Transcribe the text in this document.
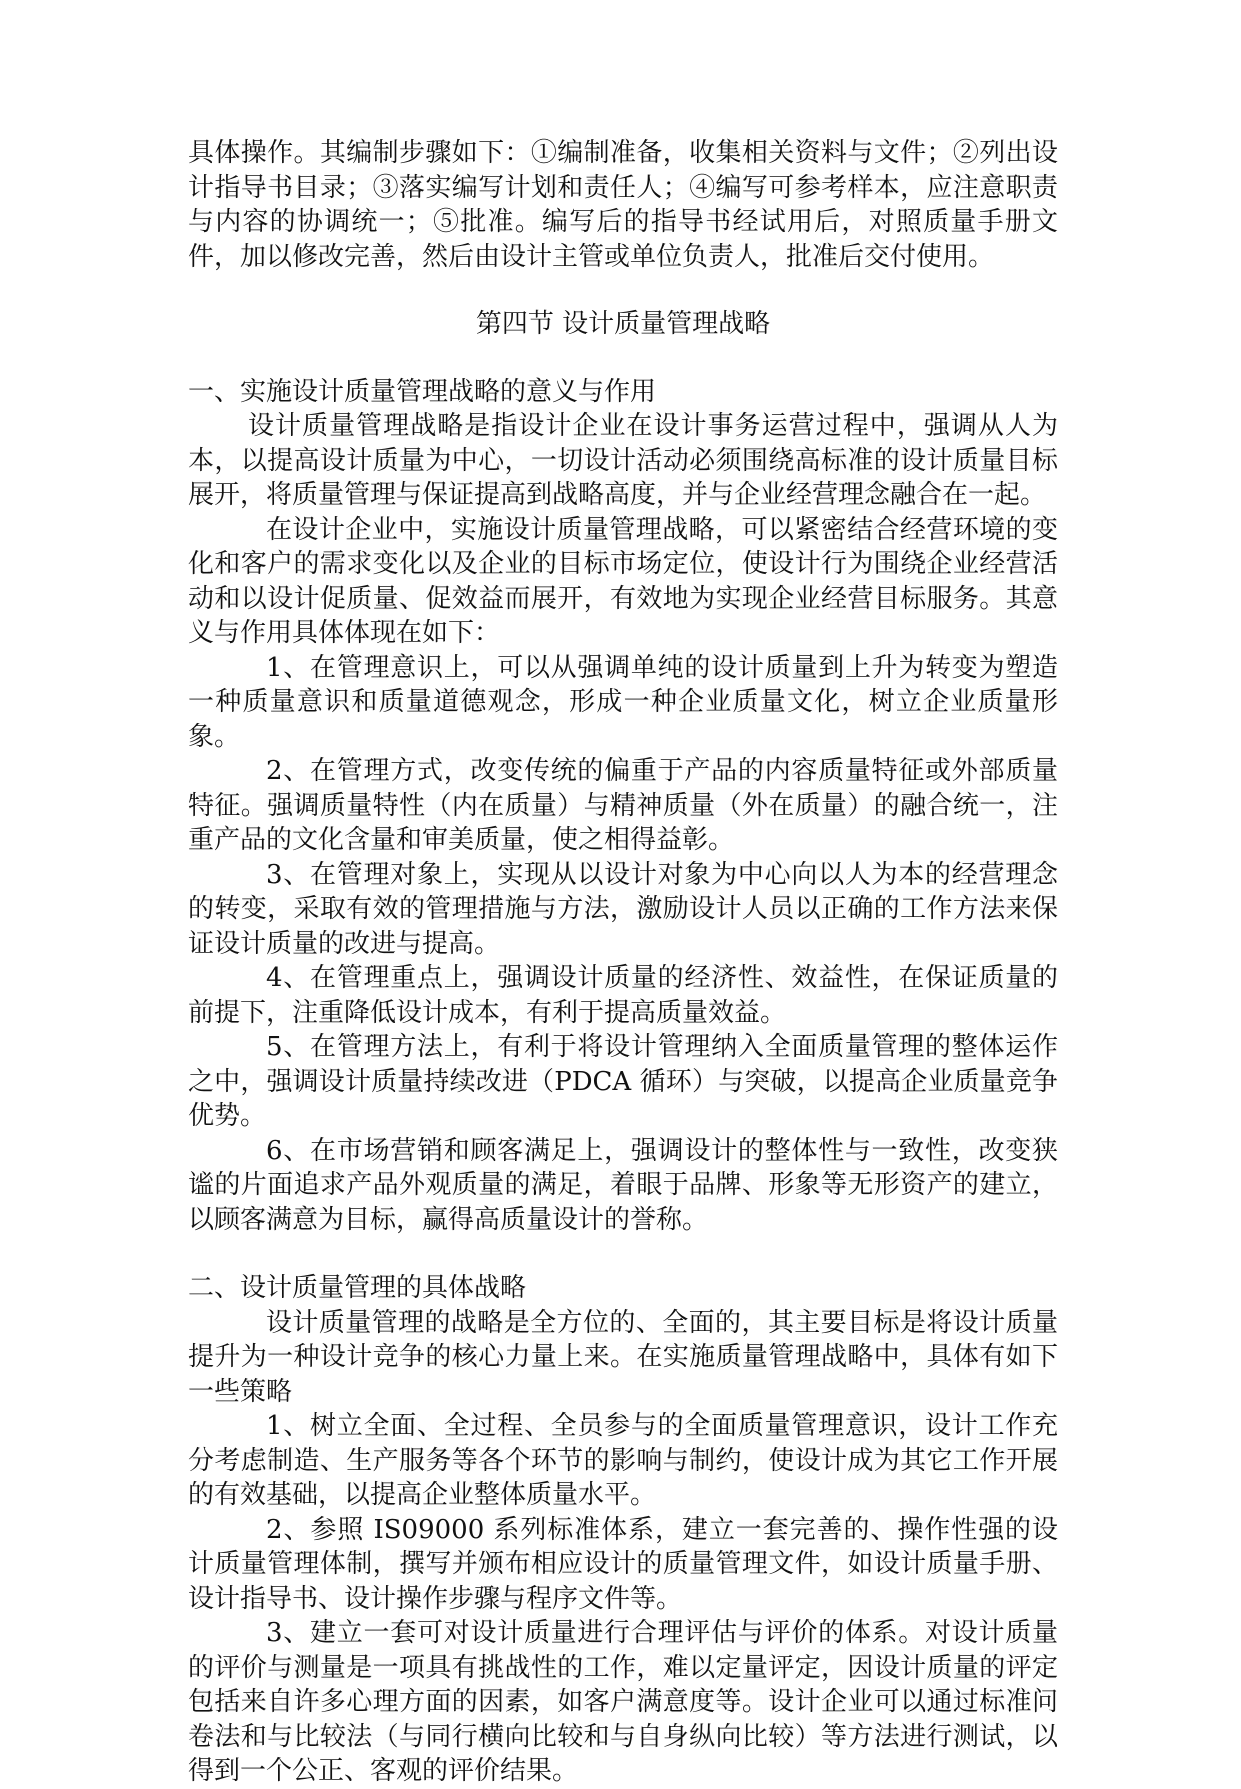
具体操作。其编制步骤如下：①编制准备，收集相关资料与文件；②列出设计指导书目录；③落实编写计划和责任人；④编写可参考样本，应注意职责与内容的协调统一；⑤批准。编写后的指导书经试用后，对照质量手册文件，加以修改完善，然后由设计主管或单位负责人，批准后交付使用。

第四节 设计质量管理战略

一、实施设计质量管理战略的意义与作用

设计质量管理战略是指设计企业在设计事务运营过程中，强调从人为本，以提高设计质量为中心，一切设计活动必须围绕高标准的设计质量目标展开，将质量管理与保证提高到战略高度，并与企业经营理念融合在一起。

在设计企业中，实施设计质量管理战略，可以紧密结合经营环境的变化和客户的需求变化以及企业的目标市场定位，使设计行为围绕企业经营活动和以设计促质量、促效益而展开，有效地为实现企业经营目标服务。其意义与作用具体体现在如下：

1、在管理意识上，可以从强调单纯的设计质量到上升为转变为塑造一种质量意识和质量道德观念，形成一种企业质量文化，树立企业质量形象。

2、在管理方式，改变传统的偏重于产品的内容质量特征或外部质量特征。强调质量特性（内在质量）与精神质量（外在质量）的融合统一，注重产品的文化含量和审美质量，使之相得益彰。

3、在管理对象上，实现从以设计对象为中心向以人为本的经营理念的转变，采取有效的管理措施与方法，激励设计人员以正确的工作方法来保证设计质量的改进与提高。

4、在管理重点上，强调设计质量的经济性、效益性，在保证质量的前提下，注重降低设计成本，有利于提高质量效益。

5、在管理方法上，有利于将设计管理纳入全面质量管理的整体运作之中，强调设计质量持续改进（PDCA 循环）与突破，以提高企业质量竞争优势。

6、在市场营销和顾客满足上，强调设计的整体性与一致性，改变狭谧的片面追求产品外观质量的满足，着眼于品牌、形象等无形资产的建立，以顾客满意为目标，赢得高质量设计的誉称。

二、设计质量管理的具体战略

设计质量管理的战略是全方位的、全面的，其主要目标是将设计质量提升为一种设计竞争的核心力量上来。在实施质量管理战略中，具体有如下一些策略

1、树立全面、全过程、全员参与的全面质量管理意识，设计工作充分考虑制造、生产服务等各个环节的影响与制约，使设计成为其它工作开展的有效基础，以提高企业整体质量水平。

2、参照 IS09000 系列标准体系，建立一套完善的、操作性强的设计质量管理体制，撰写并颁布相应设计的质量管理文件，如设计质量手册、设计指导书、设计操作步骤与程序文件等。

3、建立一套可对设计质量进行合理评估与评价的体系。对设计质量的评价与测量是一项具有挑战性的工作，难以定量评定，因设计质量的评定包括来自许多心理方面的因素，如客户满意度等。设计企业可以通过标准问卷法和与比较法（与同行横向比较和与自身纵向比较）等方法进行测试，以得到一个公正、客观的评价结果。
